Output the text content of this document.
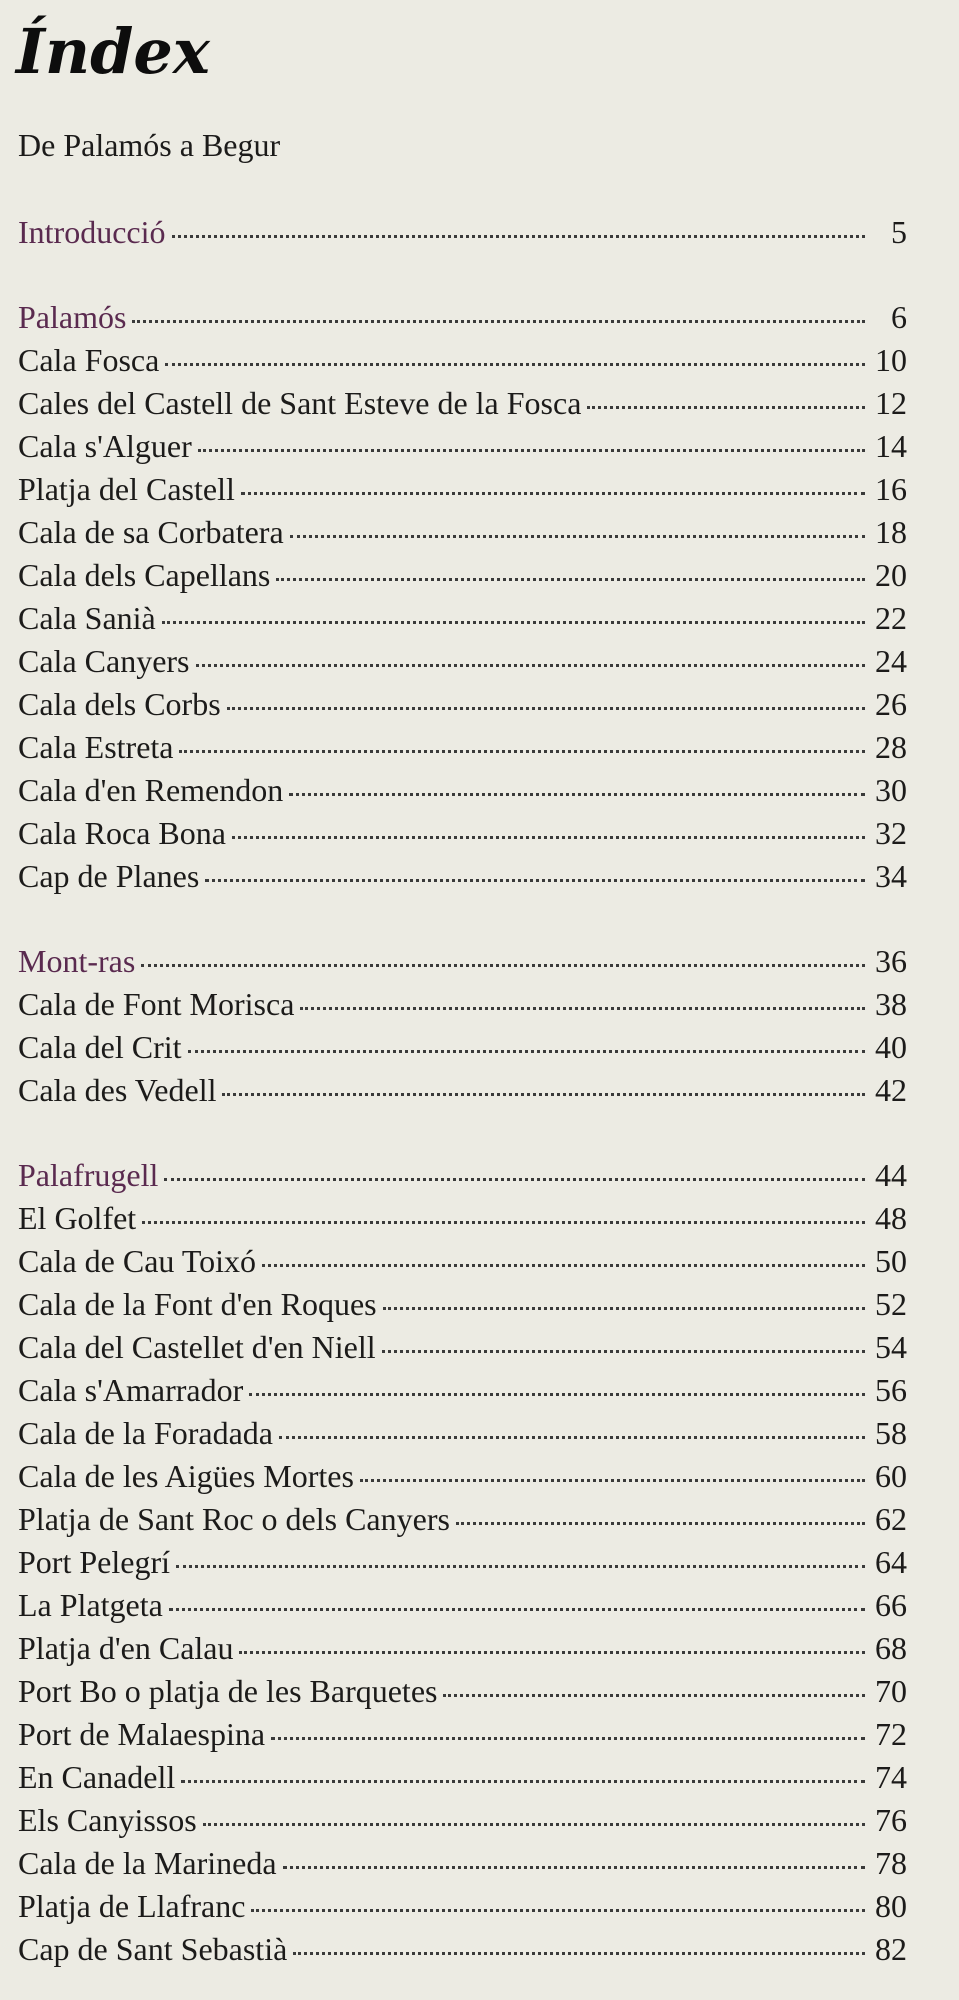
Índex

De Palamós a Begur

Introducció	5
Palamós	6
Cala Fosca	10
Cales del Castell de Sant Esteve de la Fosca	12
Cala s'Alguer	14
Platja del Castell	16
Cala de sa Corbatera	18
Cala dels Capellans	20
Cala Sanià	22
Cala Canyers	24
Cala dels Corbs	26
Cala Estreta	28
Cala d'en Remendon	30
Cala Roca Bona	32
Cap de Planes	34
Mont-ras	36
Cala de Font Morisca	38
Cala del Crit	40
Cala des Vedell	42
Palafrugell	44
El Golfet	48
Cala de Cau Toixó	50
Cala de la Font d'en Roques	52
Cala del Castellet d'en Niell	54
Cala s'Amarrador	56
Cala de la Foradada	58
Cala de les Aigües Mortes	60
Platja de Sant Roc o dels Canyers	62
Port Pelegrí	64
La Platgeta	66
Platja d'en Calau	68
Port Bo o platja de les Barquetes	70
Port de Malaespina	72
En Canadell	74
Els Canyissos	76
Cala de la Marineda	78
Platja de Llafranc	80
Cap de Sant Sebastià	82
